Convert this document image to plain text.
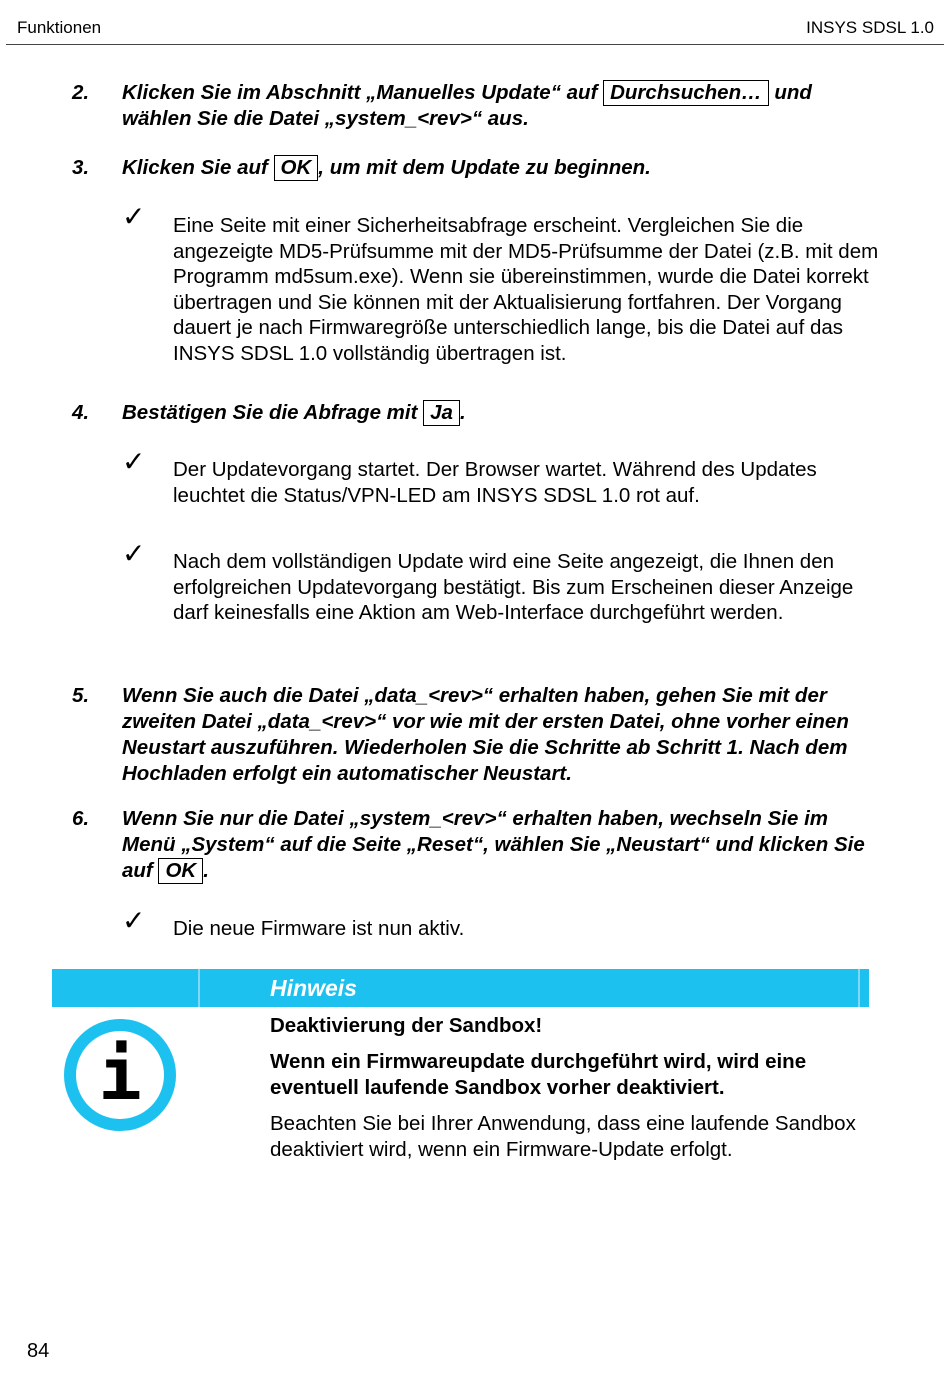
Funktionen	INSYS SDSL 1.0
2. Klicken Sie im Abschnitt „Manuelles Update“ auf Durchsuchen… und wählen Sie die Datei „system_<rev>“ aus.
3. Klicken Sie auf OK , um mit dem Update zu beginnen.
✓ Eine Seite mit einer Sicherheitsabfrage erscheint. Vergleichen Sie die angezeigte MD5-Prüfsumme mit der MD5-Prüfsumme der Datei (z.B. mit dem Programm md5sum.exe). Wenn sie übereinstimmen, wurde die Datei korrekt übertragen und Sie können mit der Aktualisierung fortfahren. Der Vorgang dauert je nach Firmwaregröße unterschiedlich lange, bis die Datei auf das INSYS SDSL 1.0 vollständig übertragen ist.
4. Bestätigen Sie die Abfrage mit Ja .
✓ Der Updatevorgang startet. Der Browser wartet. Während des Updates leuchtet die Status/VPN-LED am INSYS SDSL 1.0 rot auf.
✓ Nach dem vollständigen Update wird eine Seite angezeigt, die Ihnen den erfolgreichen Updatevorgang bestätigt. Bis zum Erscheinen dieser Anzeige darf keinesfalls eine Aktion am Web-Interface durchgeführt werden.
5. Wenn Sie auch die Datei „data_<rev>“ erhalten haben, gehen Sie mit der zweiten Datei „data_<rev>“ vor wie mit der ersten Datei, ohne vorher einen Neustart auszuführen. Wiederholen Sie die Schritte ab Schritt 1. Nach dem Hochladen erfolgt ein automatischer Neustart.
6. Wenn Sie nur die Datei „system_<rev>“ erhalten haben, wechseln Sie im Menü „System“ auf die Seite „Reset“, wählen Sie „Neustart“ und klicken Sie auf OK .
✓ Die neue Firmware ist nun aktiv.
Hinweis
i
Deaktivierung der Sandbox!
Wenn ein Firmwareupdate durchgeführt wird, wird eine eventuell laufende Sandbox vorher deaktiviert.
Beachten Sie bei Ihrer Anwendung, dass eine laufende Sandbox deaktiviert wird, wenn ein Firmware-Update erfolgt.
84
